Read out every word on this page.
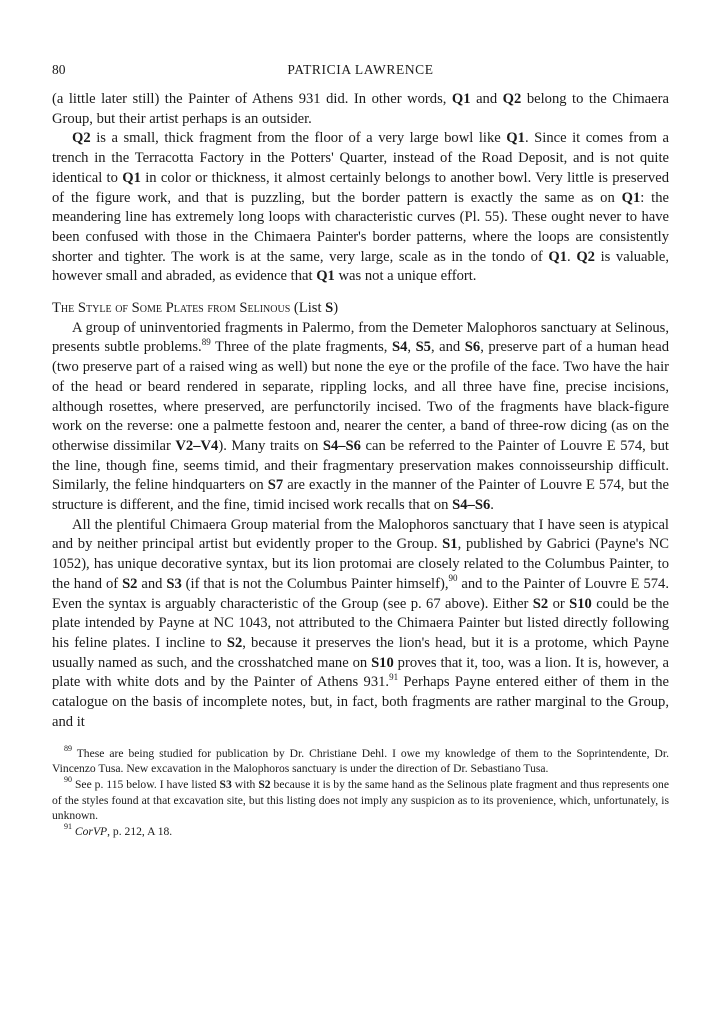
80	PATRICIA LAWRENCE

(a little later still) the Painter of Athens 931 did. In other words, Q1 and Q2 belong to the Chimaera Group, but their artist perhaps is an outsider.

Q2 is a small, thick fragment from the floor of a very large bowl like Q1. Since it comes from a trench in the Terracotta Factory in the Potters' Quarter, instead of the Road Deposit, and is not quite identical to Q1 in color or thickness, it almost certainly belongs to another bowl. Very little is preserved of the figure work, and that is puzzling, but the border pattern is exactly the same as on Q1: the meandering line has extremely long loops with characteristic curves (Pl. 55). These ought never to have been confused with those in the Chimaera Painter's border patterns, where the loops are consistently shorter and tighter. The work is at the same, very large, scale as in the tondo of Q1. Q2 is valuable, however small and abraded, as evidence that Q1 was not a unique effort.

The Style of Some Plates from Selinous (List S)

A group of uninventoried fragments in Palermo, from the Demeter Malophoros sanctuary at Selinous, presents subtle problems.$^{89}$ Three of the plate fragments, S4, S5, and S6, preserve part of a human head (two preserve part of a raised wing as well) but none the eye or the profile of the face. Two have the hair of the head or beard rendered in separate, rippling locks, and all three have fine, precise incisions, although rosettes, where preserved, are perfunctorily incised. Two of the fragments have black-figure work on the reverse: one a palmette festoon and, nearer the center, a band of three-row dicing (as on the otherwise dissimilar V2–V4). Many traits on S4–S6 can be referred to the Painter of Louvre E 574, but the line, though fine, seems timid, and their fragmentary preservation makes connoisseurship difficult. Similarly, the feline hindquarters on S7 are exactly in the manner of the Painter of Louvre E 574, but the structure is different, and the fine, timid incised work recalls that on S4–S6.

All the plentiful Chimaera Group material from the Malophoros sanctuary that I have seen is atypical and by neither principal artist but evidently proper to the Group. S1, published by Gabrici (Payne's NC 1052), has unique decorative syntax, but its lion protomai are closely related to the Columbus Painter, to the hand of S2 and S3 (if that is not the Columbus Painter himself),$^{90}$ and to the Painter of Louvre E 574. Even the syntax is arguably characteristic of the Group (see p. 67 above). Either S2 or S10 could be the plate intended by Payne at NC 1043, not attributed to the Chimaera Painter but listed directly following his feline plates. I incline to S2, because it preserves the lion's head, but it is a protome, which Payne usually named as such, and the crosshatched mane on S10 proves that it, too, was a lion. It is, however, a plate with white dots and by the Painter of Athens 931.91 Perhaps Payne entered either of them in the catalogue on the basis of incomplete notes, but, in fact, both fragments are rather marginal to the Group, and it

$^{89}$ These are being studied for publication by Dr. Christiane Dehl. I owe my knowledge of them to the Soprintendente, Dr. Vincenzo Tusa. New excavation in the Malophoros sanctuary is under the direction of Dr. Sebastiano Tusa.

$^{90}$ See p. 115 below. I have listed S3 with S2 because it is by the same hand as the Selinous plate fragment and thus represents one of the styles found at that excavation site, but this listing does not imply any suspicion as to its provenience, which, unfortunately, is unknown.

$^{91}$ CorVP, p. 212, A 18.
